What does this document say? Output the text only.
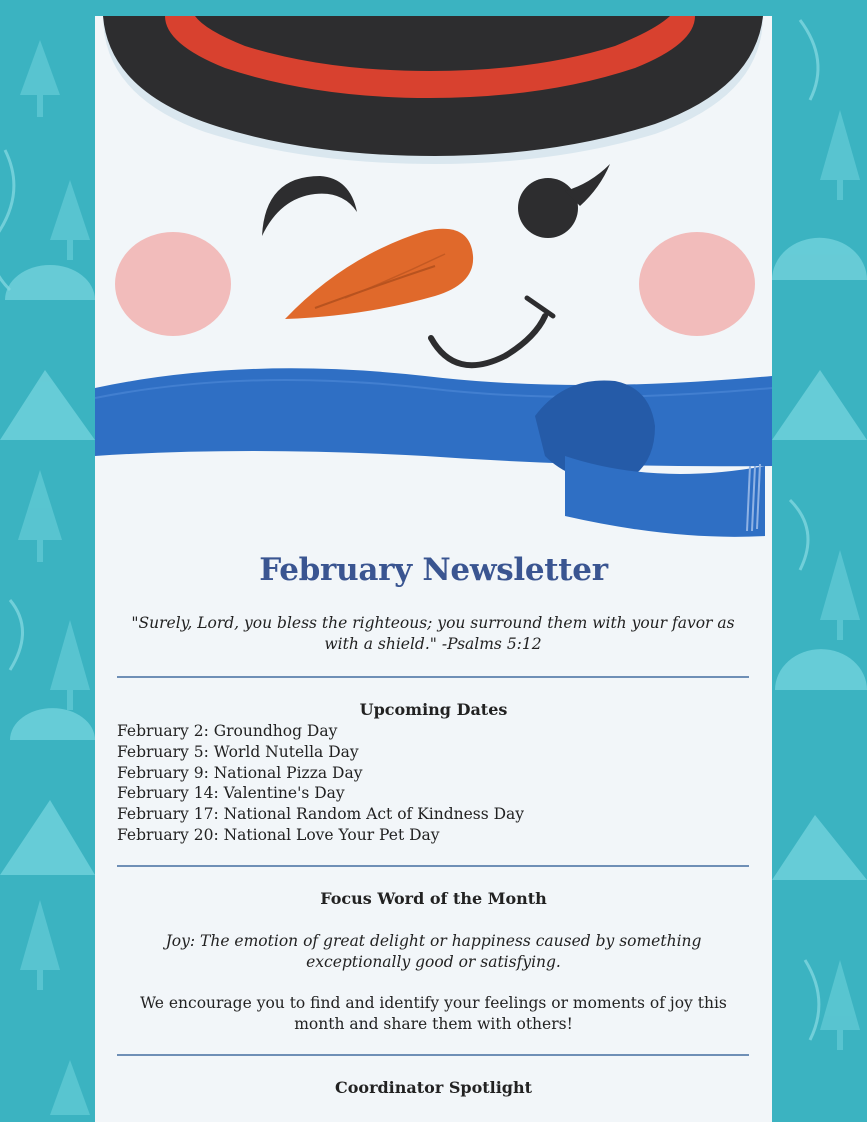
February Newsletter
"Surely, Lord, you bless the righteous; you surround them with your favor as with a shield." -Psalms 5:12
Upcoming Dates
February 2: Groundhog Day
February 5: World Nutella Day
February 9: National Pizza Day
February 14: Valentine's Day
February 17: National Random Act of Kindness Day
February 20: National Love Your Pet Day
Focus Word of the Month
Joy: The emotion of great delight or happiness caused by something exceptionally good or satisfying.
We encourage you to find and identify your feelings or moments of joy this month and share them with others!
Coordinator Spotlight
